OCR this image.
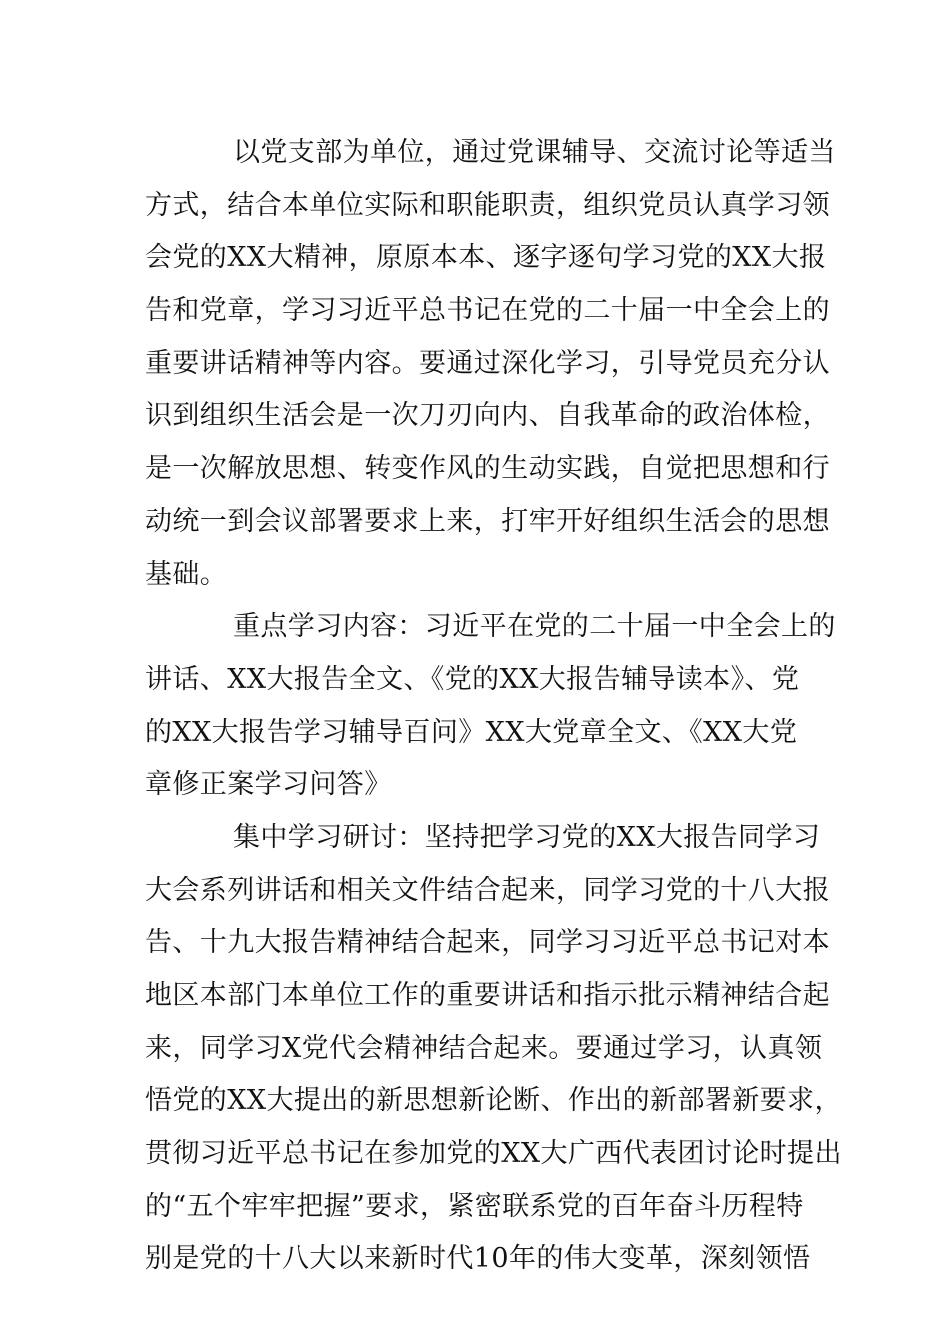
以党支部为单位，通过党课辅导、交流讨论等适当
方式，结合本单位实际和职能职责，组织党员认真学习领
会党的XX大精神，原原本本、逐字逐句学习党的XX大报
告和党章，学习习近平总书记在党的二十届一中全会上的
重要讲话精神等内容。要通过深化学习，引导党员充分认
识到组织生活会是一次刀刃向内、自我革命的政治体检，
是一次解放思想、转变作风的生动实践，自觉把思想和行
动统一到会议部署要求上来，打牢开好组织生活会的思想
基础。
重点学习内容：习近平在党的二十届一中全会上的
讲话、XX大报告全文、《党的XX大报告辅导读本》、党
的XX大报告学习辅导百问》XX大党章全文、《XX大党
章修正案学习问答》
集中学习研讨：坚持把学习党的XX大报告同学习
大会系列讲话和相关文件结合起来，同学习党的十八大报
告、十九大报告精神结合起来，同学习习近平总书记对本
地区本部门本单位工作的重要讲话和指示批示精神结合起
来，同学习X党代会精神结合起来。要通过学习，认真领
悟党的XX大提出的新思想新论断、作出的新部署新要求，
贯彻习近平总书记在参加党的XX大广西代表团讨论时提出
的“五个牢牢把握”要求，紧密联系党的百年奋斗历程特
别是党的十八大以来新时代10年的伟大变革，深刻领悟
